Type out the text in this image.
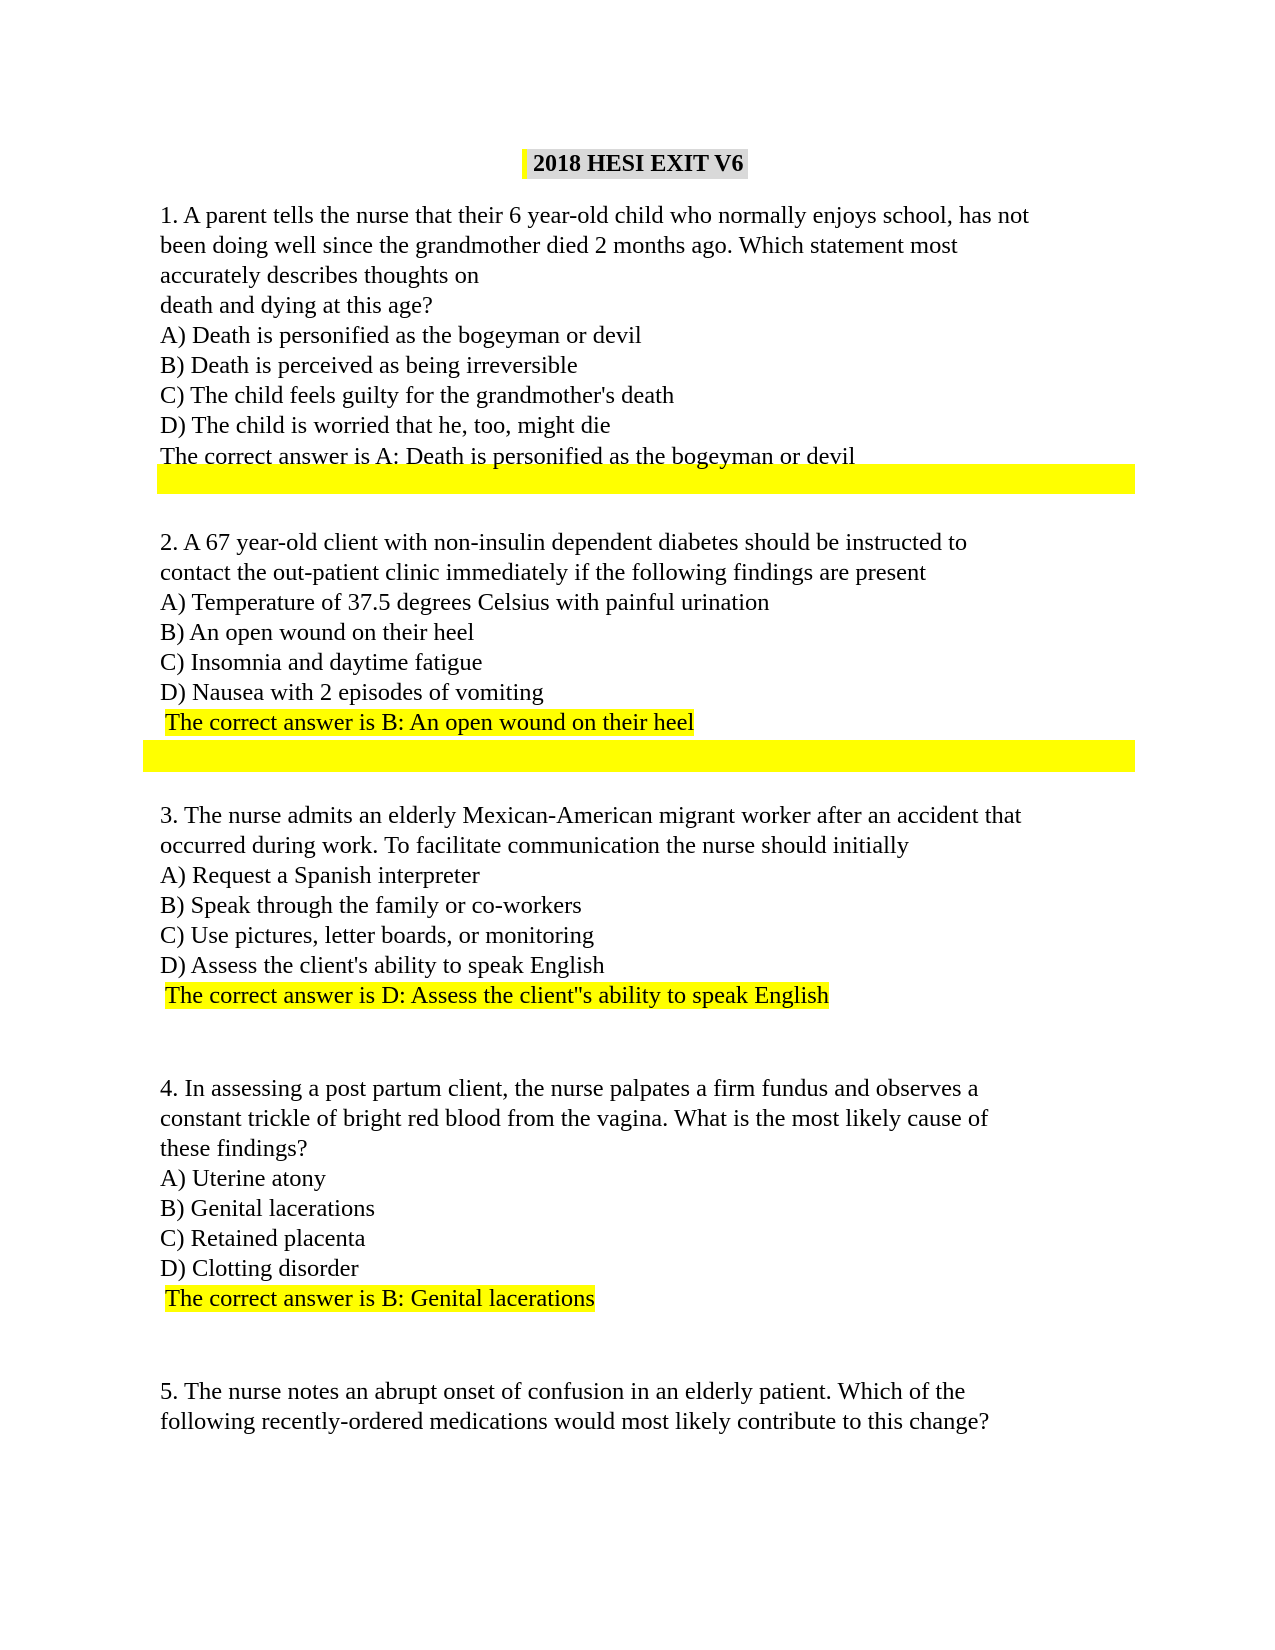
2018 HESI EXIT V6
1. A parent tells the nurse that their 6 year-old child who normally enjoys school, has not
been doing well since the grandmother died 2 months ago. Which statement most
accurately describes thoughts on
death and dying at this age?
A) Death is personified as the bogeyman or devil
B) Death is perceived as being irreversible
C) The child feels guilty for the grandmother's death
D) The child is worried that he, too, might die
The correct answer is A: Death is personified as the bogeyman or devil
2. A 67 year-old client with non-insulin dependent diabetes should be instructed to
contact the out-patient clinic immediately if the following findings are present
A) Temperature of 37.5 degrees Celsius with painful urination
B) An open wound on their heel
C) Insomnia and daytime fatigue
D) Nausea with 2 episodes of vomiting
The correct answer is B: An open wound on their heel
3. The nurse admits an elderly Mexican-American migrant worker after an accident that
occurred during work. To facilitate communication the nurse should initially
A) Request a Spanish interpreter
B) Speak through the family or co-workers
C) Use pictures, letter boards, or monitoring
D) Assess the client's ability to speak English
The correct answer is D: Assess the client''s ability to speak English
4. In assessing a post partum client, the nurse palpates a firm fundus and observes a
constant trickle of bright red blood from the vagina. What is the most likely cause of
these findings?
A) Uterine atony
B) Genital lacerations
C) Retained placenta
D) Clotting disorder
The correct answer is B: Genital lacerations
5. The nurse notes an abrupt onset of confusion in an elderly patient. Which of the
following recently-ordered medications would most likely contribute to this change?
